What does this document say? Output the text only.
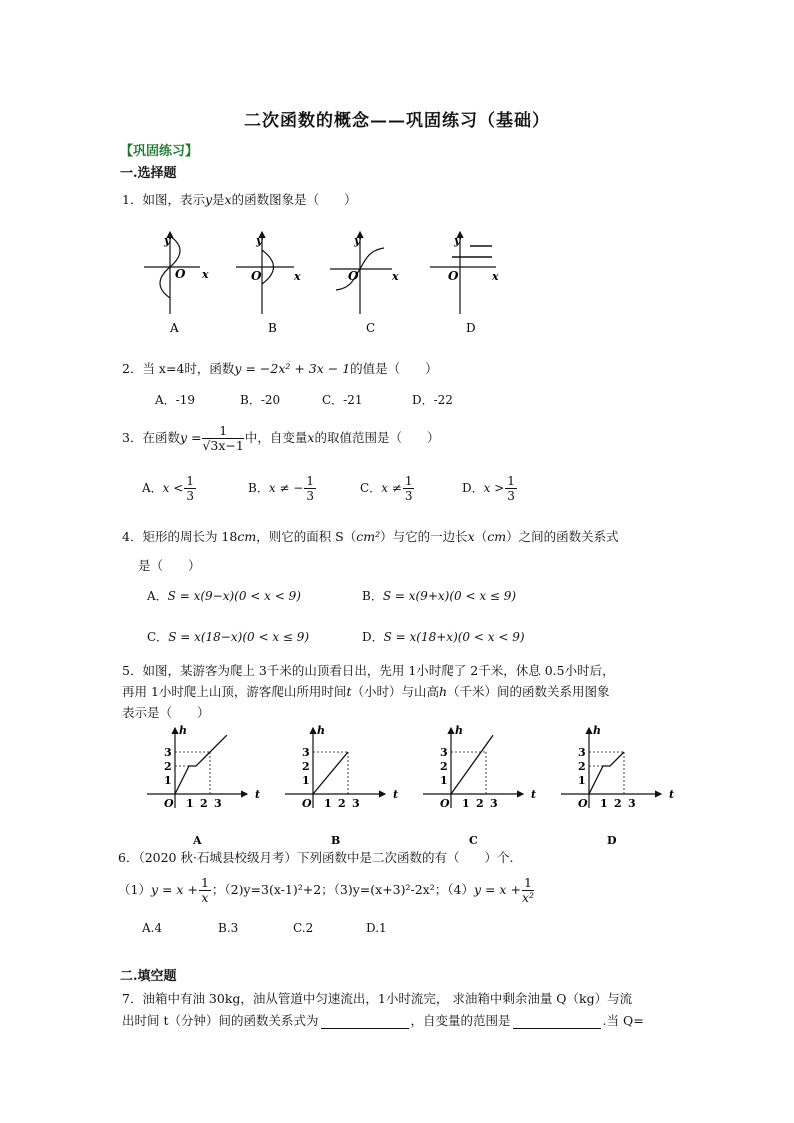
二次函数的概念——巩固练习（基础）
【巩固练习】
一.选择题
1．如图，表示y是x的函数图象是（　　）
y
O x
y
O	x
y
O	x
y
O	x
A	B	C	D
2．当 x=4时，函数y = −2x² + 3x − 1的值是（　　）
A．-19	B．-20	C．-21	D．-22
3．在函数$y = \frac{1}{√3x-1}$ 中，自变量x的取值范围是（　　）
A．$x < \frac{1}{3}$	B．x ≠ − $\frac{1}{3}$	C．$x \ne \frac{1}{3}$	D．$x > \frac{1}{3}$
4．矩形的周长为 18cm，则它的面积 S（cm²）与它的一边长x（cm）之间的函数关系式
是（　　）
A．S = x(9−x)(0 < x < 9)	B．S = x(9+x)(0 < x ≤ 9)
C．S = x(18−x)(0 < x ≤ 9)	D．S = x(18+x)(0 < x < 9)
5．如图，某游客为爬上 3千米的山顶看日出，先用 1小时爬了 2千米，休息 0.5小时后，
再用 1小时爬上山顶，游客爬山所用时间t（小时）与山高h（千米）间的函数关系用图象
表示是（　　）
h
t
O 1 2 3
1
2
3
A
h
t
O 1 2 3
1
2
3
B
h
t
O 1 2 3
1
2
3
C
h
t
O 1 2 3
1
2
3
D
6．（2020 秋·石城县校级月考）下列函数中是二次函数的有（　　）个.
$(1)y = x + \frac{1}{x}$ ；（2)y=3(x-1)²+2；（3)y=(x+3)²-2x²；$(4)y = x + \frac{1}{\text{x²}}$
A.4	B.3	C.2	D.1
二.填空题
7．油箱中有油 30kg，油从管道中匀速流出，1小时流完， 求油箱中剩余油量 Q（kg）与流
出时间 t（分钟）间的函数关系式为	，自变量的范围是	.当 Q=
